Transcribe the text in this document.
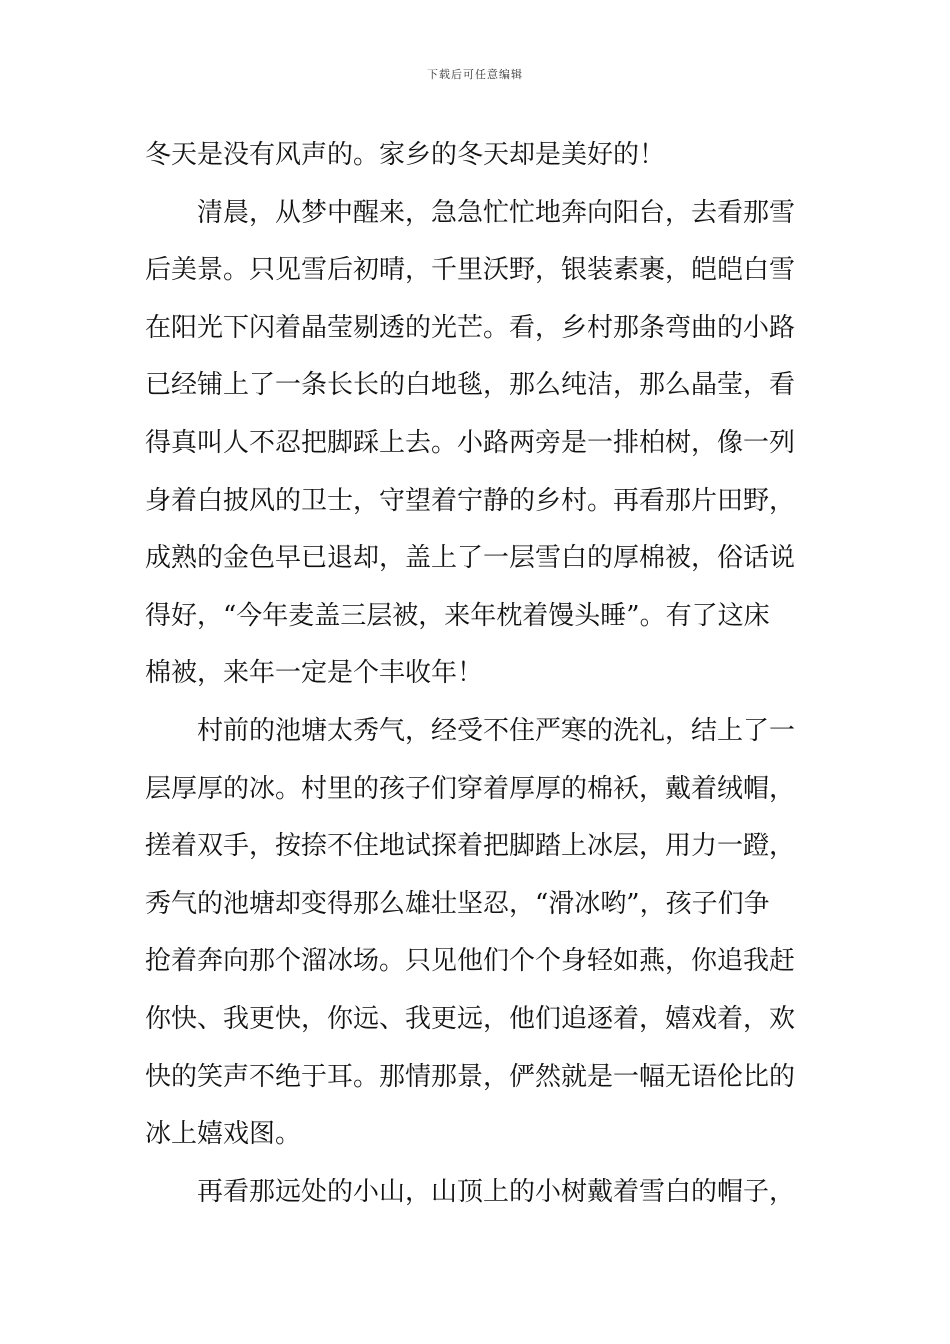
下载后可任意编辑
冬天是没有风声的。家乡的冬天却是美好的！
清晨，从梦中醒来，急急忙忙地奔向阳台，去看那雪
后美景。只见雪后初晴，千里沃野，银装素裹，皑皑白雪
在阳光下闪着晶莹剔透的光芒。看，乡村那条弯曲的小路
已经铺上了一条长长的白地毯，那么纯洁，那么晶莹，看
得真叫人不忍把脚踩上去。小路两旁是一排柏树，像一列
身着白披风的卫士，守望着宁静的乡村。再看那片田野，
成熟的金色早已退却，盖上了一层雪白的厚棉被，俗话说
得好，“今年麦盖三层被，来年枕着馒头睡”。有了这床
棉被，来年一定是个丰收年！
村前的池塘太秀气，经受不住严寒的洗礼，结上了一
层厚厚的冰。村里的孩子们穿着厚厚的棉袄，戴着绒帽，
搓着双手，按捺不住地试探着把脚踏上冰层，用力一蹬，
秀气的池塘却变得那么雄壮坚忍，“滑冰哟”，孩子们争
抢着奔向那个溜冰场。只见他们个个身轻如燕，你追我赶
你快、我更快，你远、我更远，他们追逐着，嬉戏着，欢
快的笑声不绝于耳。那情那景，俨然就是一幅无语伦比的
冰上嬉戏图。
再看那远处的小山，山顶上的小树戴着雪白的帽子，
